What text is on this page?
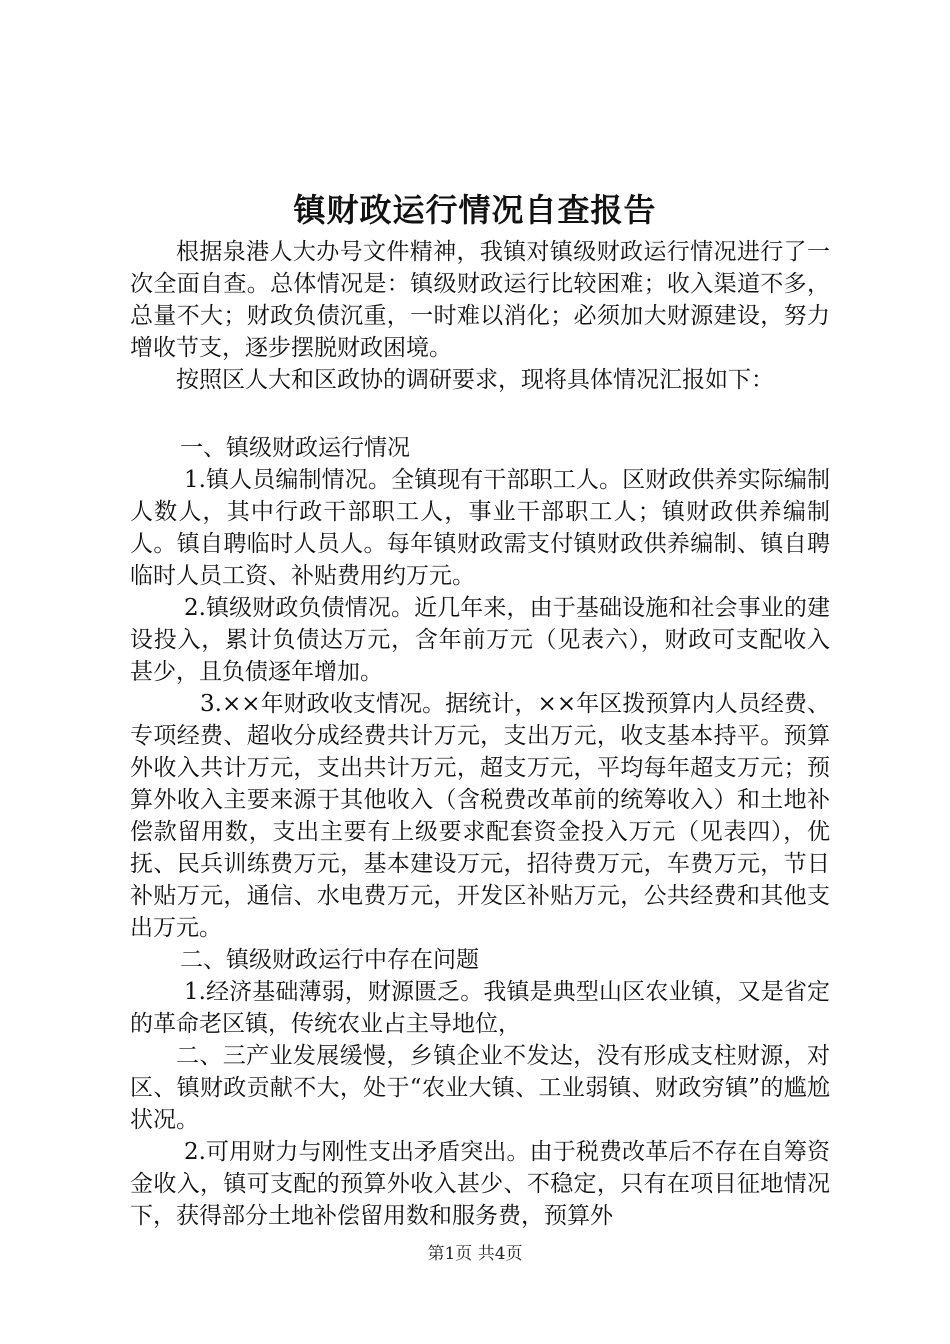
镇财政运行情况自查报告

根据泉港人大办号文件精神，我镇对镇级财政运行情况进行了一次全面自查。总体情况是：镇级财政运行比较困难；收入渠道不多，总量不大；财政负债沉重，一时难以消化；必须加大财源建设，努力增收节支，逐步摆脱财政困境。

按照区人大和区政协的调研要求，现将具体情况汇报如下：

一、镇级财政运行情况

1.镇人员编制情况。全镇现有干部职工人。区财政供养实际编制人数人，其中行政干部职工人，事业干部职工人；镇财政供养编制人。镇自聘临时人员人。每年镇财政需支付镇财政供养编制、镇自聘临时人员工资、补贴费用约万元。

2.镇级财政负债情况。近几年来，由于基础设施和社会事业的建设投入，累计负债达万元，含年前万元（见表六），财政可支配收入甚少，且负债逐年增加。

3.××年财政收支情况。据统计，××年区拨预算内人员经费、专项经费、超收分成经费共计万元，支出万元，收支基本持平。预算外收入共计万元，支出共计万元，超支万元，平均每年超支万元；预算外收入主要来源于其他收入（含税费改革前的统筹收入）和土地补偿款留用数，支出主要有上级要求配套资金投入万元（见表四），优抚、民兵训练费万元，基本建设万元，招待费万元，车费万元，节日补贴万元，通信、水电费万元，开发区补贴万元，公共经费和其他支出万元。

二、镇级财政运行中存在问题

1.经济基础薄弱，财源匮乏。我镇是典型山区农业镇，又是省定的革命老区镇，传统农业占主导地位，

二、三产业发展缓慢，乡镇企业不发达，没有形成支柱财源，对区、镇财政贡献不大，处于“农业大镇、工业弱镇、财政穷镇”的尴尬状况。

2.可用财力与刚性支出矛盾突出。由于税费改革后不存在自筹资金收入，镇可支配的预算外收入甚少、不稳定，只有在项目征地情况下，获得部分土地补偿留用数和服务费，预算外

第1页 共4页
